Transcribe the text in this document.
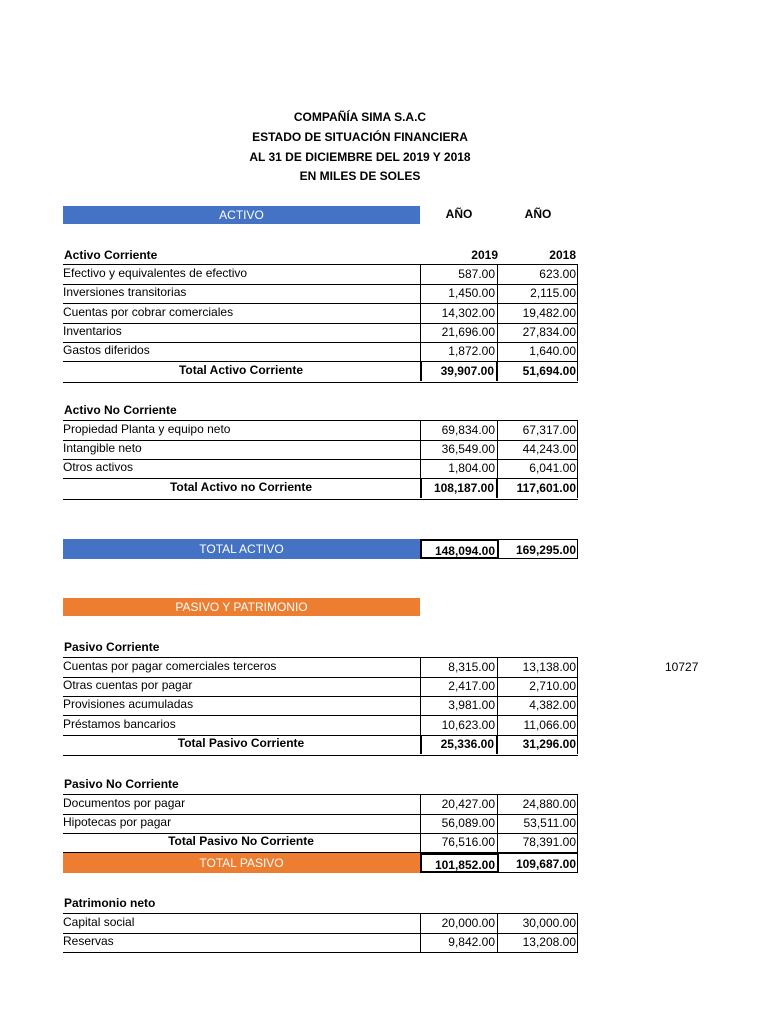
COMPAÑÍA SIMA S.A.C
ESTADO DE SITUACIÓN FINANCIERA
AL 31 DE DICIEMBRE DEL 2019 Y 2018
EN MILES DE SOLES
ACTIVO	AÑO	AÑO
Activo Corriente	2019	2018
Efectivo y equivalentes de efectivo	587.00	623.00
Inversiones transitorias	1,450.00	2,115.00
Cuentas por cobrar comerciales	14,302.00	19,482.00
Inventarios	21,696.00	27,834.00
Gastos diferidos	1,872.00	1,640.00
Total Activo Corriente	39,907.00	51,694.00
Activo No Corriente
Propiedad Planta y equipo neto	69,834.00	67,317.00
Intangible neto	36,549.00	44,243.00
Otros activos	1,804.00	6,041.00
Total Activo no Corriente	108,187.00	117,601.00
TOTAL ACTIVO	148,094.00	169,295.00
PASIVO Y PATRIMONIO
Pasivo Corriente
Cuentas por pagar comerciales terceros	8,315.00	13,138.00	10727
Otras cuentas por pagar	2,417.00	2,710.00
Provisiones acumuladas	3,981.00	4,382.00
Préstamos bancarios	10,623.00	11,066.00
Total Pasivo Corriente	25,336.00	31,296.00
Pasivo No Corriente
Documentos por pagar	20,427.00	24,880.00
Hipotecas por pagar	56,089.00	53,511.00
Total Pasivo No Corriente	76,516.00	78,391.00
TOTAL PASIVO	101,852.00	109,687.00
Patrimonio neto
Capital social	20,000.00	30,000.00
Reservas	9,842.00	13,208.00
